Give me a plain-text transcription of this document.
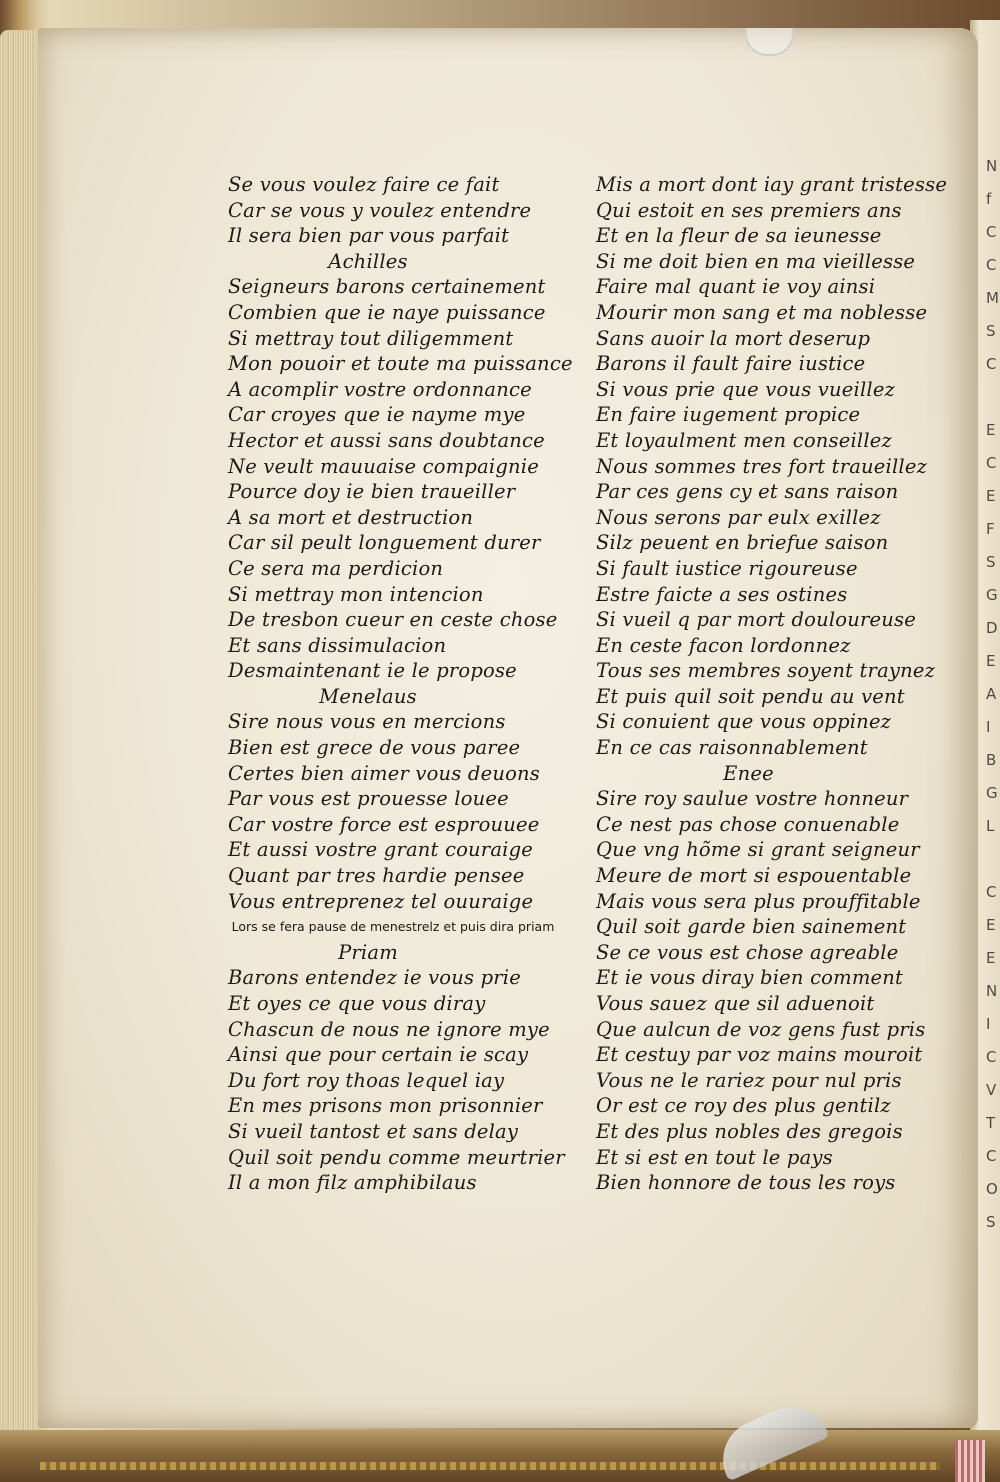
N
f
C
C
M
S
C

E
C
E
F
S
G
D
E
A
I
B
G
L

C
E
E
N
I
C
V
T
C
O
S
Se vous voulez faire ce fait
Car se vous y voulez entendre
Il sera bien par vous parfait
Achilles
Seigneurs barons certainement
Combien que ie naye puissance
Si mettray tout diligemment
Mon pouoir et toute ma puissance
A acomplir vostre ordonnance
Car croyes que ie nayme mye
Hector et aussi sans doubtance
Ne veult mauuaise compaignie
Pource doy ie bien traueiller
A sa mort et destruction
Car sil peult longuement durer
Ce sera ma perdicion
Si mettray mon intencion
De tresbon cueur en ceste chose
Et sans dissimulacion
Desmaintenant ie le propose
Menelaus
Sire nous vous en mercions
Bien est grece de vous paree
Certes bien aimer vous deuons
Par vous est prouesse louee
Car vostre force est esprouuee
Et aussi vostre grant couraige
Quant par tres hardie pensee
Vous entreprenez tel ouuraige
Lors se fera pause de menestrelz et puis dira priam
Priam
Barons entendez ie vous prie
Et oyes ce que vous diray
Chascun de nous ne ignore mye
Ainsi que pour certain ie scay
Du fort roy thoas lequel iay
En mes prisons mon prisonnier
Si vueil tantost et sans delay
Quil soit pendu comme meurtrier
Il a mon filz amphibilaus
Mis a mort dont iay grant tristesse
Qui estoit en ses premiers ans
Et en la fleur de sa ieunesse
Si me doit bien en ma vieillesse
Faire mal quant ie voy ainsi
Mourir mon sang et ma noblesse
Sans auoir la mort deserup
Barons il fault faire iustice
Si vous prie que vous vueillez
En faire iugement propice
Et loyaulment men conseillez
Nous sommes tres fort traueillez
Par ces gens cy et sans raison
Nous serons par eulx exillez
Silz peuent en briefue saison
Si fault iustice rigoureuse
Estre faicte a ses ostines
Si vueil q par mort douloureuse
En ceste facon lordonnez
Tous ses membres soyent traynez
Et puis quil soit pendu au vent
Si conuient que vous oppinez
En ce cas raisonnablement
Enee
Sire roy saulue vostre honneur
Ce nest pas chose conuenable
Que vng hõme si grant seigneur
Meure de mort si espouentable
Mais vous sera plus prouffitable
Quil soit garde bien sainement
Se ce vous est chose agreable
Et ie vous diray bien comment
Vous sauez que sil aduenoit
Que aulcun de voz gens fust pris
Et cestuy par voz mains mouroit
Vous ne le rariez pour nul pris
Or est ce roy des plus gentilz
Et des plus nobles des gregois
Et si est en tout le pays
Bien honnore de tous les roys
